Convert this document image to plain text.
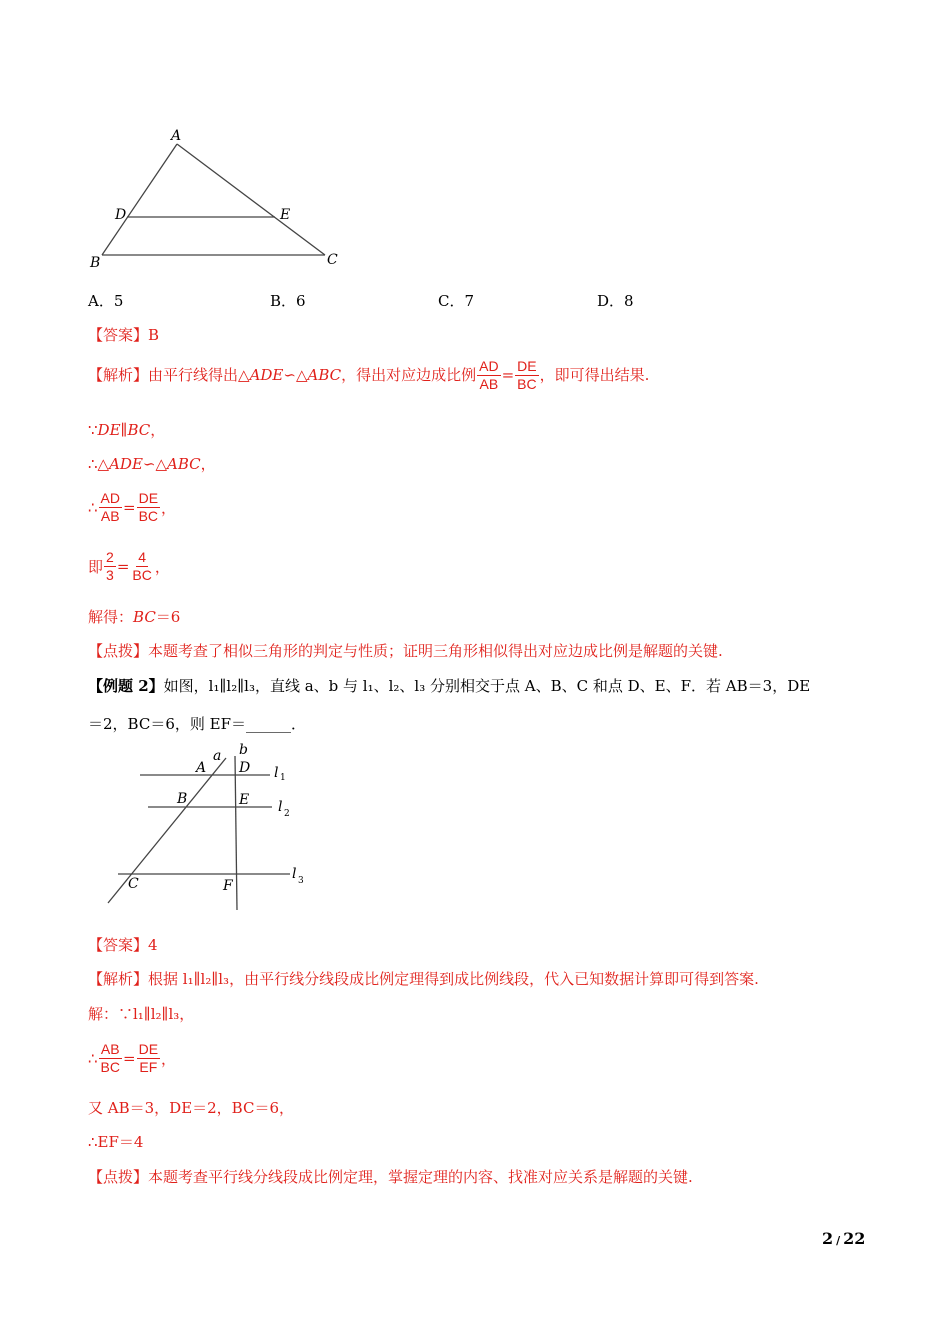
A
D	E
B	C
A．5	B．6	C．7	D．8
【答案】B
【解析】由平行线得出△ADE∽△ABC，得出对应边成比例 $\frac{AD}{AB} = \frac{DE}{BC}$ ，即可得出结果.
∵DE∥BC，
∴△ADE∽△ABC，
∴ $\frac{AD}{AB} = \frac{DE}{BC}$ ，
即 $\frac{2}{3} = \frac{4}{BC}$ ，
解得：BC＝6
【点拨】本题考查了相似三角形的判定与性质；证明三角形相似得出对应边成比例是解题的关键.
【例题 2】如图，l₁∥l₂∥l₃，直线 a、b 与 l₁、l₂、l₃ 分别相交于点 A、B、C 和点 D、E、F．若 AB＝3，DE
＝2，BC＝6，则 EF＝______．
a b
A D l 1
B	E l 2
C	F
l 3
【答案】4
【解析】根据 l₁∥l₂∥l₃，由平行线分线段成比例定理得到成比例线段，代入已知数据计算即可得到答案.
解：∵l₁∥l₂∥l₃，
∴ $\frac{AB}{BC} = \frac{DE}{EF}$ ，
又 AB＝3，DE＝2，BC＝6，
∴EF＝4
【点拨】本题考查平行线分线段成比例定理，掌握定理的内容、找准对应关系是解题的关键.
2 / 22
